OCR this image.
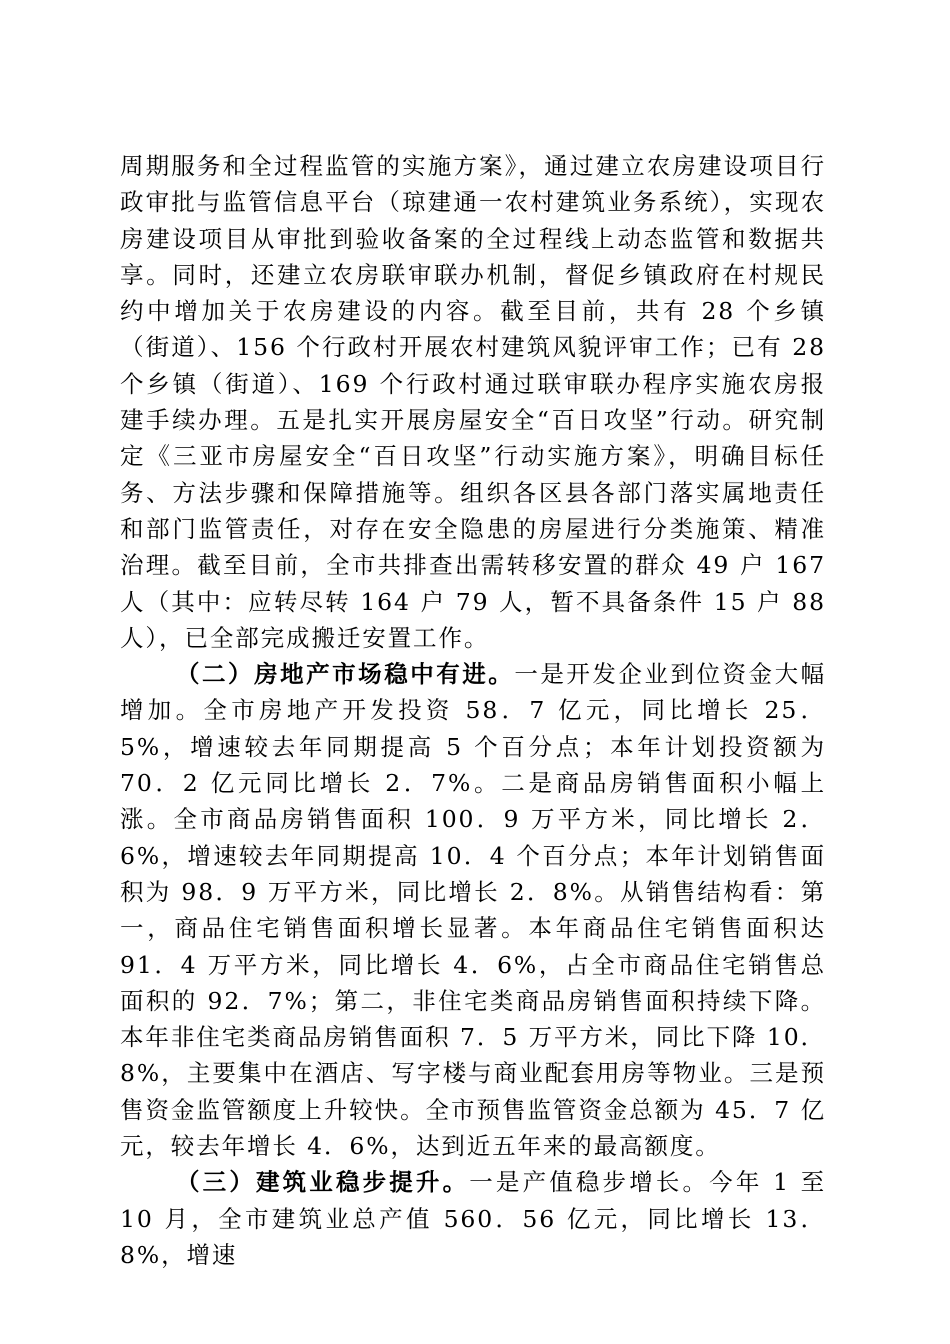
周期服务和全过程监管的实施方案》，通过建立农房建设项目行政审批与监管信息平台（琼建通一农村建筑业务系统），实现农房建设项目从审批到验收备案的全过程线上动态监管和数据共享。同时，还建立农房联审联办机制，督促乡镇政府在村规民约中增加关于农房建设的内容。截至目前，共有 28 个乡镇（街道）、156 个行政村开展农村建筑风貌评审工作；已有 28 个乡镇（街道）、169 个行政村通过联审联办程序实施农房报建手续办理。五是扎实开展房屋安全“百日攻坚”行动。研究制定《三亚市房屋安全“百日攻坚”行动实施方案》，明确目标任务、方法步骤和保障措施等。组织各区县各部门落实属地责任和部门监管责任，对存在安全隐患的房屋进行分类施策、精准治理。截至目前，全市共排查出需转移安置的群众 49 户 167 人（其中：应转尽转 164 户 79 人，暂不具备条件 15 户 88 人），已全部完成搬迁安置工作。

（二）房地产市场稳中有进。一是开发企业到位资金大幅增加。全市房地产开发投资 58．7 亿元，同比增长 25．5%，增速较去年同期提高 5 个百分点；本年计划投资额为 70．2 亿元同比增长 2．7%。二是商品房销售面积小幅上涨。全市商品房销售面积 100．9 万平方米，同比增长 2．6%，增速较去年同期提高 10．4 个百分点；本年计划销售面积为 98．9 万平方米，同比增长 2．8%。从销售结构看：第一，商品住宅销售面积增长显著。本年商品住宅销售面积达 91．4 万平方米，同比增长 4．6%，占全市商品住宅销售总面积的 92．7%；第二，非住宅类商品房销售面积持续下降。本年非住宅类商品房销售面积 7．5 万平方米，同比下降 10．8%，主要集中在酒店、写字楼与商业配套用房等物业。三是预售资金监管额度上升较快。全市预售监管资金总额为 45．7 亿元，较去年增长 4．6%，达到近五年来的最高额度。

（三）建筑业稳步提升。一是产值稳步增长。今年 1 至 10 月，全市建筑业总产值 560．56 亿元，同比增长 13．8%，增速
